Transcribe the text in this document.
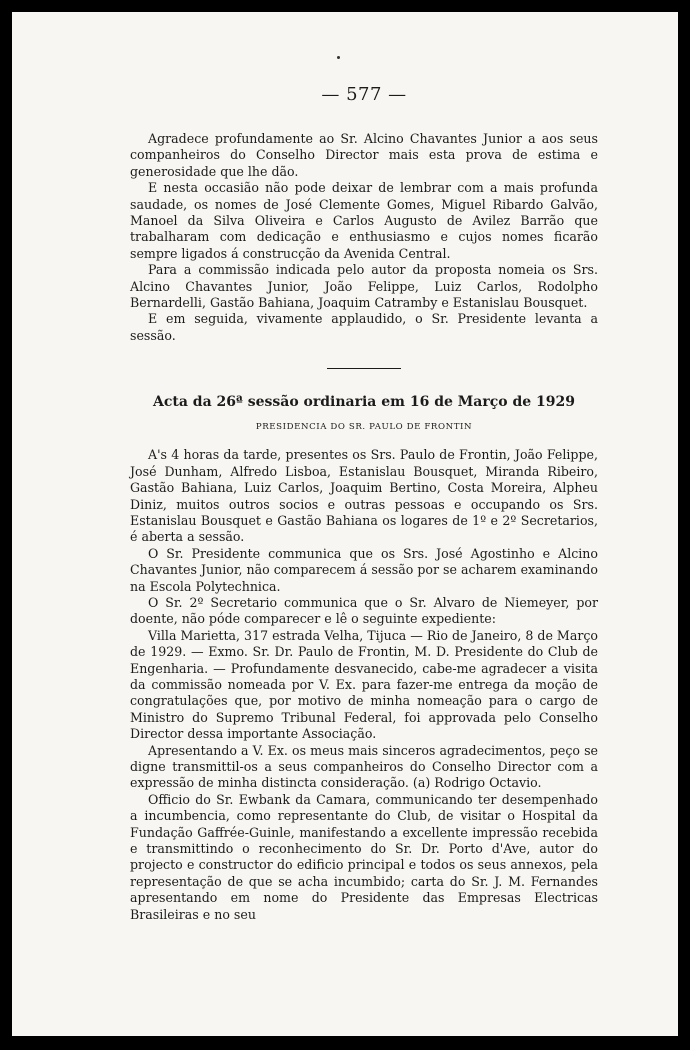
— 577 —

Agradece profundamente ao Sr. Alcino Chavantes Junior a aos seus companheiros do Conselho Director mais esta prova de estima e generosidade que lhe dão.

E nesta occasião não pode deixar de lembrar com a mais profunda saudade, os nomes de José Clemente Gomes, Miguel Ribardo Galvão, Manoel da Silva Oliveira e Carlos Augusto de Avilez Barrão que trabalharam com dedicação e enthusiasmo e cujos nomes ficarão sempre ligados á construcção da Avenida Central.

Para a commissão indicada pelo autor da proposta nomeia os Srs. Alcino Chavantes Junior, João Felippe, Luiz Carlos, Rodolpho Bernardelli, Gastão Bahiana, Joaquim Catramby e Estanislau Bousquet.

E em seguida, vivamente applaudido, o Sr. Presidente levanta a sessão.

Acta da 26ª sessão ordinaria em 16 de Março de 1929
PRESIDENCIA DO SR. PAULO DE FRONTIN

A's 4 horas da tarde, presentes os Srs. Paulo de Frontin, João Felippe, José Dunham, Alfredo Lisboa, Estanislau Bousquet, Miranda Ribeiro, Gastão Bahiana, Luiz Carlos, Joaquim Bertino, Costa Moreira, Alpheu Diniz, muitos outros socios e outras pessoas e occupando os Srs. Estanislau Bousquet e Gastão Bahiana os logares de 1º e 2º Secretarios, é aberta a sessão.

O Sr. Presidente communica que os Srs. José Agostinho e Alcino Chavantes Junior, não comparecem á sessão por se acharem examinando na Escola Polytechnica.

O Sr. 2º Secretario communica que o Sr. Alvaro de Niemeyer, por doente, não póde comparecer e lê o seguinte expediente:

Villa Marietta, 317 estrada Velha, Tijuca — Rio de Janeiro, 8 de Março de 1929. — Exmo. Sr. Dr. Paulo de Frontin, M. D. Presidente do Club de Engenharia. — Profundamente desvanecido, cabe-me agradecer a visita da commissão nomeada por V. Ex. para fazer-me entrega da moção de congratulações que, por motivo de minha nomeação para o cargo de Ministro do Supremo Tribunal Federal, foi approvada pelo Conselho Director dessa importante Associação.

Apresentando a V. Ex. os meus mais sinceros agradecimentos, peço se digne transmittil-os a seus companheiros do Conselho Director com a expressão de minha distincta consideração. (a) Rodrigo Octavio.

Officio do Sr. Ewbank da Camara, communicando ter desempenhado a incumbencia, como representante do Club, de visitar o Hospital da Fundação Gaffrée-Guinle, manifestando a excellente impressão recebida e transmittindo o reconhecimento do Sr. Dr. Porto d'Ave, autor do projecto e constructor do edificio principal e todos os seus annexos, pela representação de que se acha incumbido; carta do Sr. J. M. Fernandes apresentando em nome do Presidente das Empresas Electricas Brasileiras e no seu
